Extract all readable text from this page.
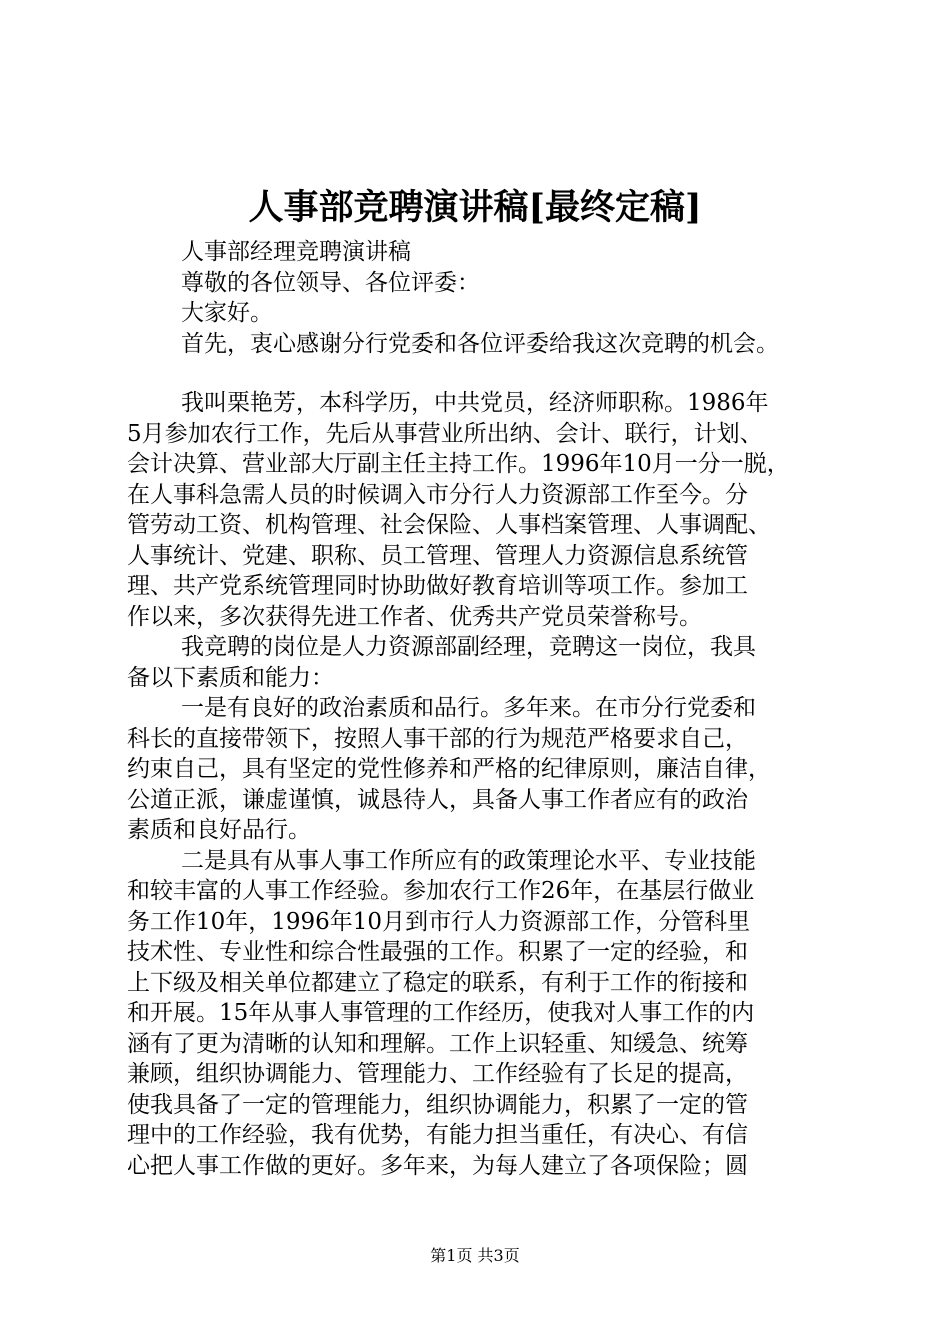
人事部竞聘演讲稿[最终定稿]
人事部经理竞聘演讲稿
尊敬的各位领导、各位评委：
大家好。
首先，衷心感谢分行党委和各位评委给我这次竞聘的机会。
我叫栗艳芳，本科学历，中共党员，经济师职称。1986年
5月参加农行工作，先后从事营业所出纳、会计、联行，计划、
会计决算、营业部大厅副主任主持工作。1996年10月一分一脱，
在人事科急需人员的时候调入市分行人力资源部工作至今。分
管劳动工资、机构管理、社会保险、人事档案管理、人事调配、
人事统计、党建、职称、员工管理、管理人力资源信息系统管
理、共产党系统管理同时协助做好教育培训等项工作。参加工
作以来，多次获得先进工作者、优秀共产党员荣誉称号。
我竞聘的岗位是人力资源部副经理，竞聘这一岗位，我具
备以下素质和能力：
一是有良好的政治素质和品行。多年来。在市分行党委和
科长的直接带领下，按照人事干部的行为规范严格要求自己，
约束自己，具有坚定的党性修养和严格的纪律原则，廉洁自律，
公道正派，谦虚谨慎，诚恳待人，具备人事工作者应有的政治
素质和良好品行。
二是具有从事人事工作所应有的政策理论水平、专业技能
和较丰富的人事工作经验。参加农行工作26年，在基层行做业
务工作10年，1996年10月到市行人力资源部工作，分管科里
技术性、专业性和综合性最强的工作。积累了一定的经验，和
上下级及相关单位都建立了稳定的联系，有利于工作的衔接和
和开展。15年从事人事管理的工作经历，使我对人事工作的内
涵有了更为清晰的认知和理解。工作上识轻重、知缓急、统筹
兼顾，组织协调能力、管理能力、工作经验有了长足的提高，
使我具备了一定的管理能力，组织协调能力，积累了一定的管
理中的工作经验，我有优势，有能力担当重任，有决心、有信
心把人事工作做的更好。多年来，为每人建立了各项保险；圆
第1页 共3页
